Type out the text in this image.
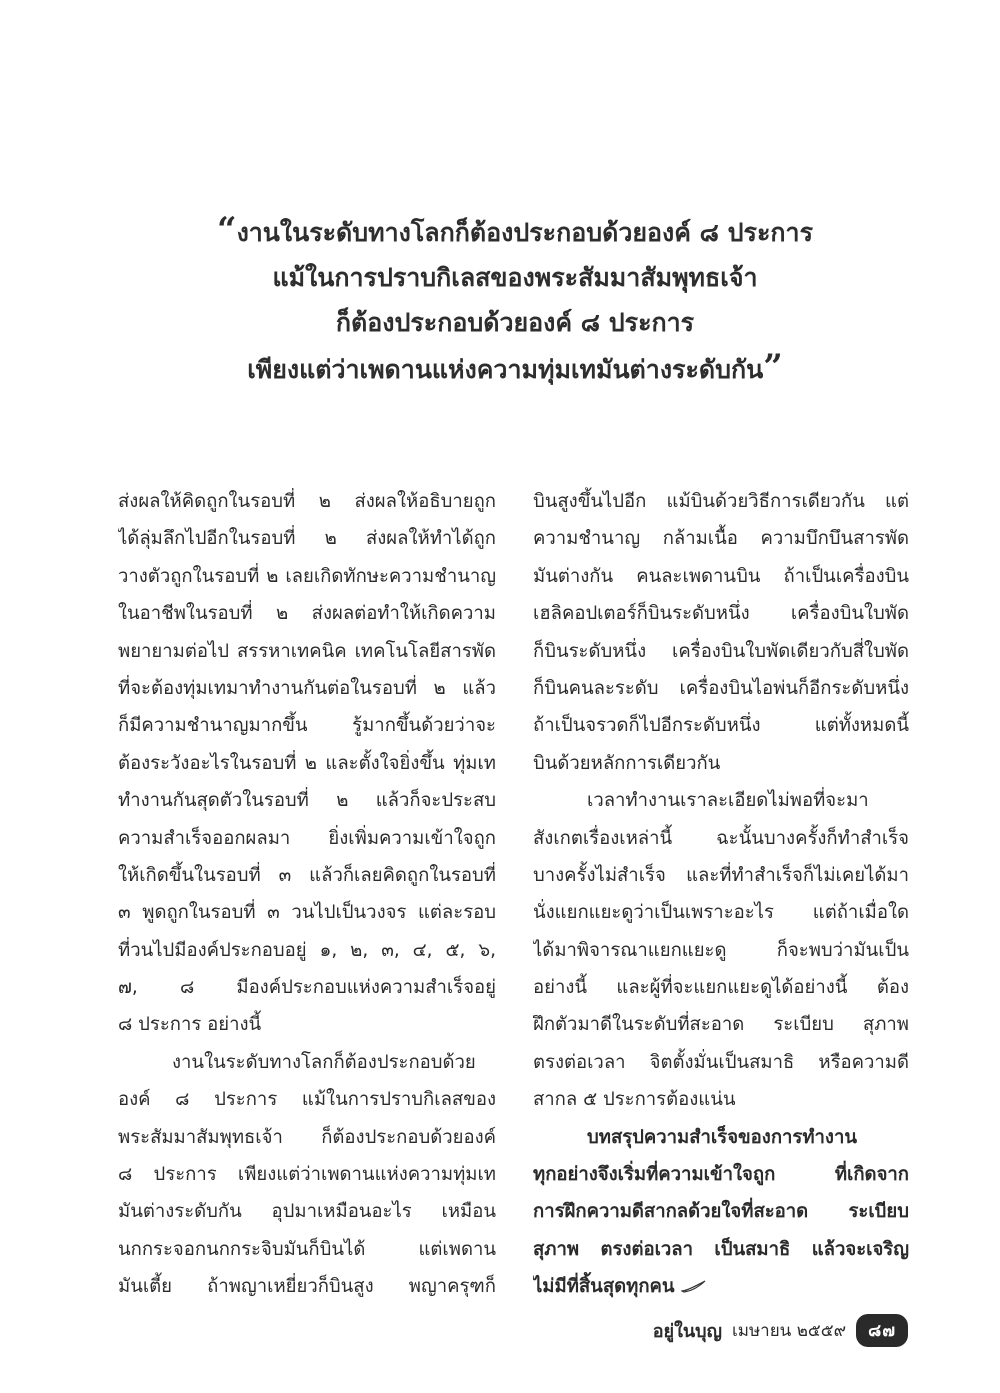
“งานในระดับทางโลกก็ต้องประกอบด้วยองค์ ๘ ประการ
แม้ในการปราบกิเลสของพระสัมมาสัมพุทธเจ้า
ก็ต้องประกอบด้วยองค์ ๘ ประการ
เพียงแต่ว่าเพดานแห่งความทุ่มเทมันต่างระดับกัน”
ส่งผลให้คิดถูกในรอบที่ ๒ ส่งผลให้อธิบายถูก
ได้ลุ่มลึกไปอีกในรอบที่ ๒ ส่งผลให้ทำได้ถูก
วางตัวถูกในรอบที่ ๒ เลยเกิดทักษะความชำนาญ
ในอาชีพในรอบที่ ๒ ส่งผลต่อทำให้เกิดความ
พยายามต่อไป สรรหาเทคนิค เทคโนโลยีสารพัด
ที่จะต้องทุ่มเทมาทำงานกันต่อในรอบที่ ๒ แล้ว
ก็มีความชำนาญมากขึ้น รู้มากขึ้นด้วยว่าจะ
ต้องระวังอะไรในรอบที่ ๒ และตั้งใจยิ่งขึ้น ทุ่มเท
ทำงานกันสุดตัวในรอบที่ ๒ แล้วก็จะประสบ
ความสำเร็จออกผลมา ยิ่งเพิ่มความเข้าใจถูก
ให้เกิดขึ้นในรอบที่ ๓ แล้วก็เลยคิดถูกในรอบที่
๓ พูดถูกในรอบที่ ๓ วนไปเป็นวงจร แต่ละรอบ
ที่วนไปมีองค์ประกอบอยู่ ๑, ๒, ๓, ๔, ๕, ๖,
๗, ๘ มีองค์ประกอบแห่งความสำเร็จอยู่
๘ ประการ อย่างนี้
งานในระดับทางโลกก็ต้องประกอบด้วย
องค์ ๘ ประการ แม้ในการปราบกิเลสของ
พระสัมมาสัมพุทธเจ้า ก็ต้องประกอบด้วยองค์
๘ ประการ เพียงแต่ว่าเพดานแห่งความทุ่มเท
มันต่างระดับกัน อุปมาเหมือนอะไร เหมือน
นกกระจอกนกกระจิบมันก็บินได้ แต่เพดาน
มันเตี้ย ถ้าพญาเหยี่ยวก็บินสูง พญาครุฑก็
บินสูงขึ้นไปอีก แม้บินด้วยวิธีการเดียวกัน แต่
ความชำนาญ กล้ามเนื้อ ความบึกบึนสารพัด
มันต่างกัน คนละเพดานบิน ถ้าเป็นเครื่องบิน
เฮลิคอปเตอร์ก็บินระดับหนึ่ง เครื่องบินใบพัด
ก็บินระดับหนึ่ง เครื่องบินใบพัดเดียวกับสี่ใบพัด
ก็บินคนละระดับ เครื่องบินไอพ่นก็อีกระดับหนึ่ง
ถ้าเป็นจรวดก็ไปอีกระดับหนึ่ง แต่ทั้งหมดนี้
บินด้วยหลักการเดียวกัน
เวลาทำงานเราละเอียดไม่พอที่จะมา
สังเกตเรื่องเหล่านี้ ฉะนั้นบางครั้งก็ทำสำเร็จ
บางครั้งไม่สำเร็จ และที่ทำสำเร็จก็ไม่เคยได้มา
นั่งแยกแยะดูว่าเป็นเพราะอะไร แต่ถ้าเมื่อใด
ได้มาพิจารณาแยกแยะดู ก็จะพบว่ามันเป็น
อย่างนี้ และผู้ที่จะแยกแยะดูได้อย่างนี้ ต้อง
ฝึกตัวมาดีในระดับที่สะอาด ระเบียบ สุภาพ
ตรงต่อเวลา จิตตั้งมั่นเป็นสมาธิ หรือความดี
สากล ๕ ประการต้องแน่น
บทสรุปความสำเร็จของการทำงาน
ทุกอย่างจึงเริ่มที่ความเข้าใจถูก ที่เกิดจาก
การฝึกความดีสากลด้วยใจที่สะอาด ระเบียบ
สุภาพ ตรงต่อเวลา เป็นสมาธิ แล้วจะเจริญ
ไม่มีที่สิ้นสุดทุกคน
อยู่ในบุญ เมษายน ๒๕๕๙	๘๗
